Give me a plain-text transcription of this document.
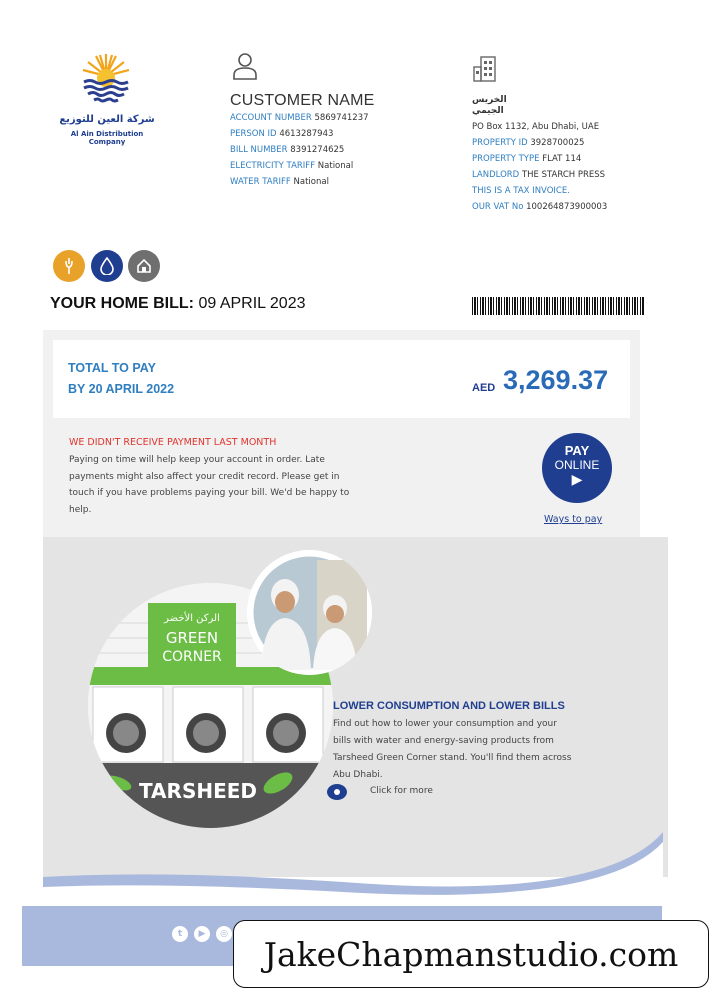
شركة العين للتوزيع
Al Ain Distribution Company
CUSTOMER NAME
ACCOUNT NUMBER 5869741237
PERSON ID 4613287943
BILL NUMBER 8391274625
ELECTRICITY TARIFF National
WATER TARIFF National
الخريس
الجيمي
PO Box 1132, Abu Dhabi, UAE
PROPERTY ID 3928700025
PROPERTY TYPE FLAT 114
LANDLORD THE STARCH PRESS
THIS IS A TAX INVOICE.
OUR VAT No 100264873900003
YOUR HOME BILL: 09 APRIL 2023
TOTAL TO PAY
BY 20 APRIL 2022	AED 3,269.37
WE DIDN'T RECEIVE PAYMENT LAST MONTH
Paying on time will help keep your account in order. Late payments might also affect your credit record. Please get in touch if you have problems paying your bill. We'd be happy to help.
PAY
ONLINE
▶
Ways to pay
الركن الأخضر
GREEN
CORNER
TARSHEED
LOWER CONSUMPTION AND LOWER BILLS
Find out how to lower your consumption and your bills with water and energy-saving products from Tarsheed Green Corner stand. You'll find them across Abu Dhabi.
Click for more
t	▶	◎
JakeChapmanstudio.com
